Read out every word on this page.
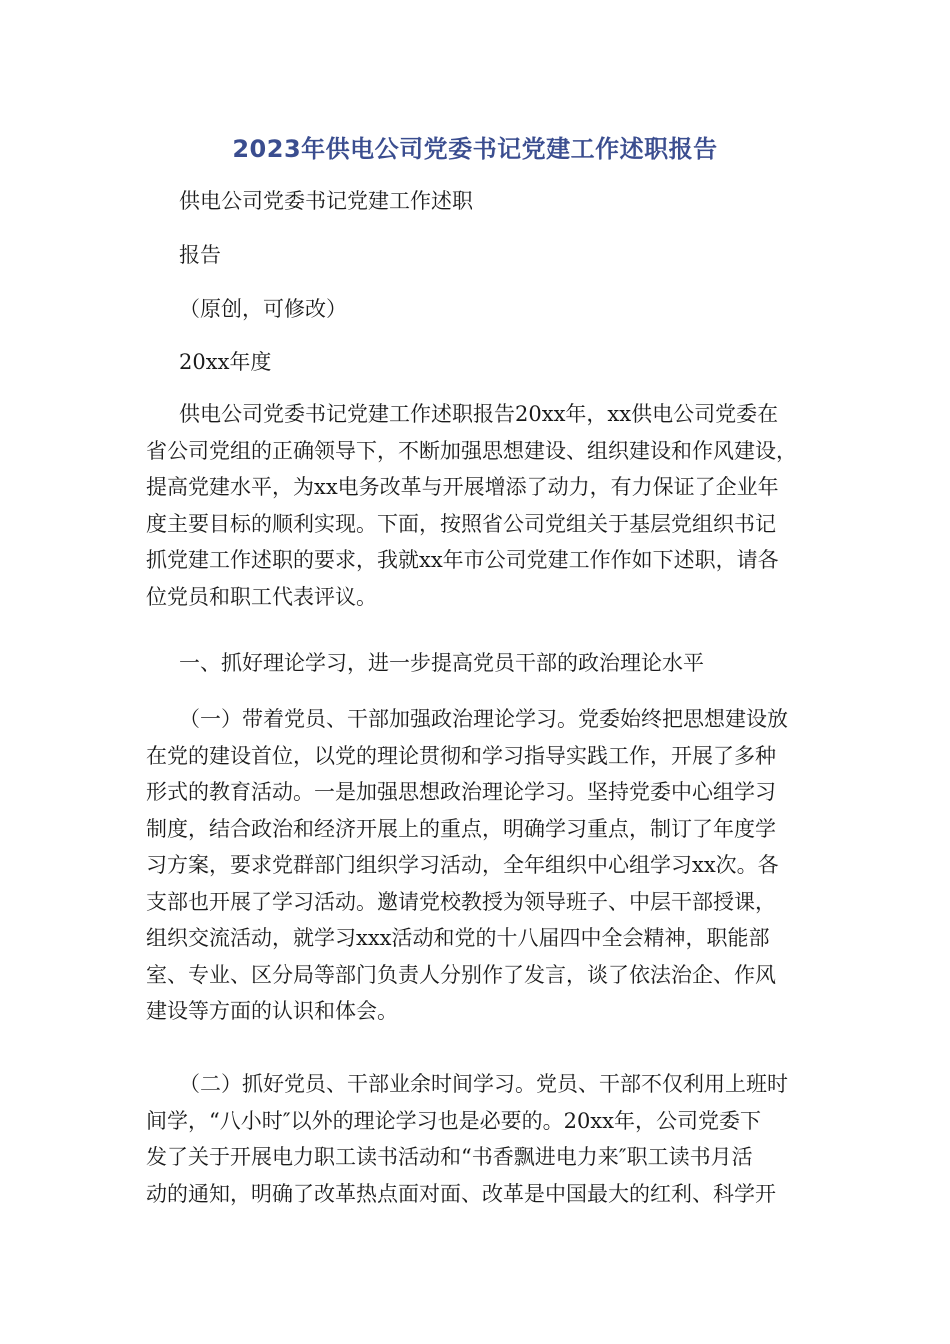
2023年供电公司党委书记党建工作述职报告
供电公司党委书记党建工作述职
报告
（原创，可修改）
20xx年度
供电公司党委书记党建工作述职报告20xx年，xx供电公司党委在
省公司党组的正确领导下，不断加强思想建设、组织建设和作风建设，
提高党建水平，为xx电务改革与开展增添了动力，有力保证了企业年
度主要目标的顺利实现。下面，按照省公司党组关于基层党组织书记
抓党建工作述职的要求，我就xx年市公司党建工作作如下述职，请各
位党员和职工代表评议。
一、抓好理论学习，进一步提高党员干部的政治理论水平
（一）带着党员、干部加强政治理论学习。党委始终把思想建设放
在党的建设首位，以党的理论贯彻和学习指导实践工作，开展了多种
形式的教育活动。一是加强思想政治理论学习。坚持党委中心组学习
制度，结合政治和经济开展上的重点，明确学习重点，制订了年度学
习方案，要求党群部门组织学习活动，全年组织中心组学习xx次。各
支部也开展了学习活动。邀请党校教授为领导班子、中层干部授课，
组织交流活动，就学习xxx活动和党的十八届四中全会精神，职能部
室、专业、区分局等部门负责人分别作了发言，谈了依法治企、作风
建设等方面的认识和体会。
（二）抓好党员、干部业余时间学习。党员、干部不仅利用上班时
间学，“八小时″以外的理论学习也是必要的。20xx年，公司党委下
发了关于开展电力职工读书活动和“书香飘进电力来″职工读书月活
动的通知，明确了改革热点面对面、改革是中国最大的红利、科学开
